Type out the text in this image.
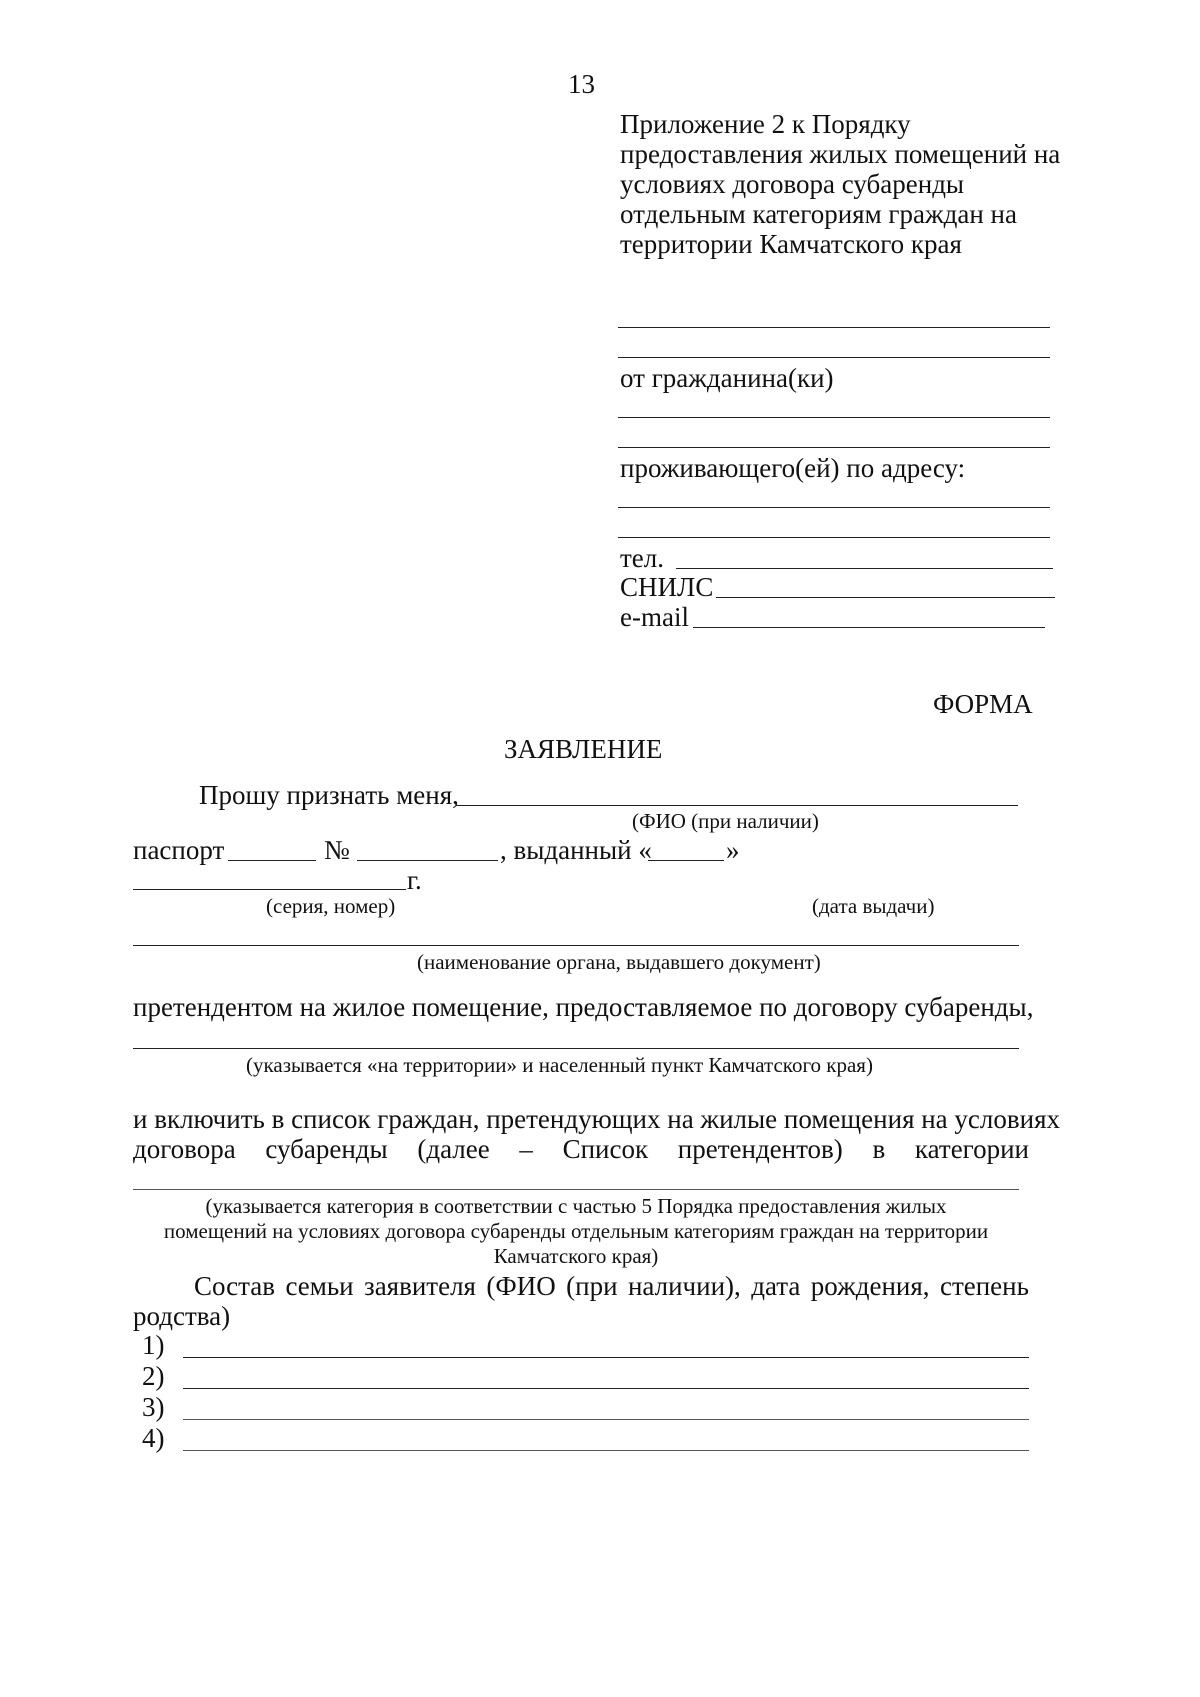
13
Приложение 2 к Порядку
предоставления жилых помещений на
условиях договора субаренды
отдельным категориям граждан на
территории Камчатского края
от гражданина(ки)
проживающего(ей) по адресу:
тел.
СНИЛС
e-mail
ФОРМА
ЗАЯВЛЕНИЕ
Прошу признать меня,
(ФИО (при наличии)
паспорт	№	, выданный «	»
г.
(серия, номер)	(дата выдачи)
(наименование органа, выдавшего документ)
претендентом на жилое помещение, предоставляемое по договору субаренды,
(указывается «на территории» и населенный пункт Камчатского края)
и включить в список граждан, претендующих на жилые помещения на условиях
договора субаренды (далее – Список претендентов) в категории
(указывается категория в соответствии с частью 5 Порядка предоставления жилых
помещений на условиях договора субаренды отдельным категориям граждан на территории
Камчатского края)
Состав семьи заявителя (ФИО (при наличии), дата рождения, степень
родства)
1)
2)
3)
4)
